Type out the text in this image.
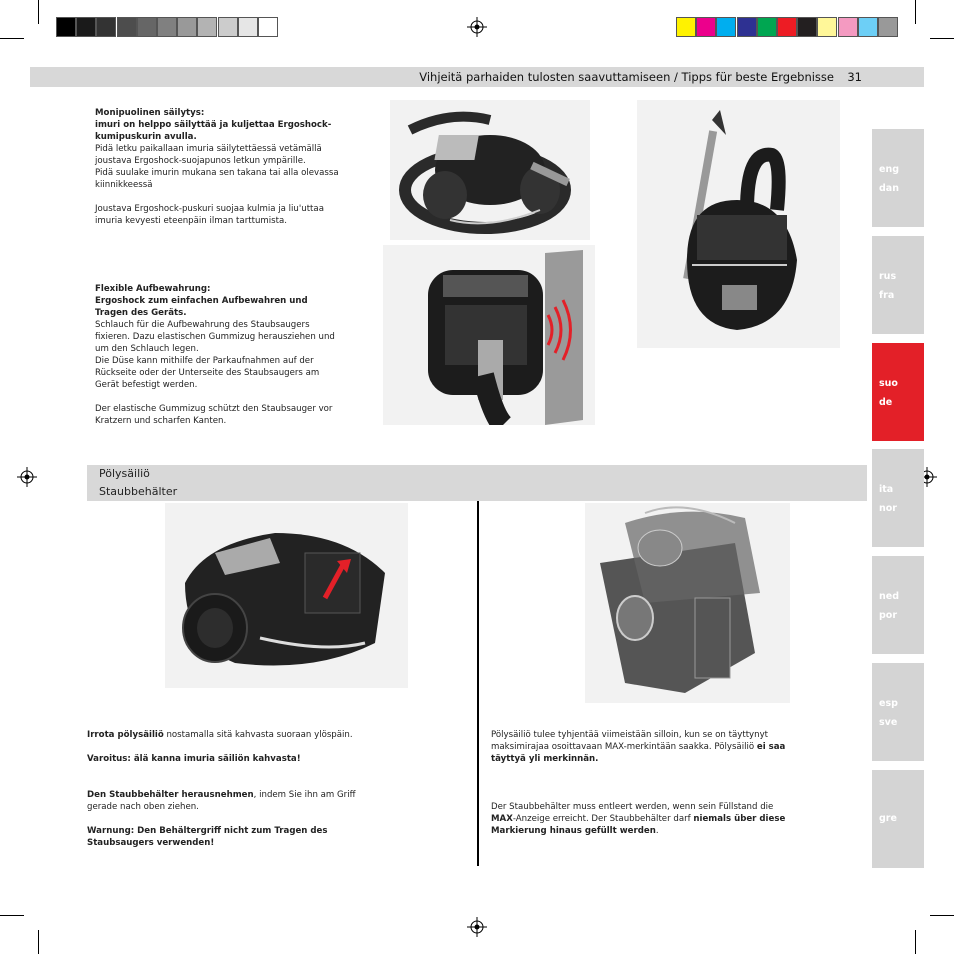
Vihjeitä parhaiden tulosten saavuttamiseen / Tipps für beste Ergebnisse 31

Monipuolinen säilytys:

imuri on helppo säilyttää ja kuljettaa Ergoshock-kumipuskurin avulla.

Pidä letku paikallaan imuria säilytettäessä vetämällä joustava Ergoshock-suojapunos letkun ympärille.

Pidä suulake imurin mukana sen takana tai alla olevassa kiinnikkeessä

Joustava Ergoshock-puskuri suojaa kulmia ja liu'uttaa imuria kevyesti eteenpäin ilman tarttumista.

Flexible Aufbewahrung:

Ergoshock zum einfachen Aufbewahren und Tragen des Geräts.

Schlauch für die Aufbewahrung des Staubsaugers fixieren. Dazu elastischen Gummizug herausziehen und um den Schlauch legen.

Die Düse kann mithilfe der Parkaufnahmen auf der Rückseite oder der Unterseite des Staubsaugers am Gerät befestigt werden.

Der elastische Gummizug schützt den Staubsauger vor Kratzern und scharfen Kanten.

Pölysäiliö
Staubbehälter

Irrota pölysäiliö nostamalla sitä kahvasta suoraan ylöspäin.

Varoitus: älä kanna imuria säiliön kahvasta!

Den Staubbehälter herausnehmen, indem Sie ihn am Griff gerade nach oben ziehen.

Warnung: Den Behältergriff nicht zum Tragen des Staubsaugers verwenden!

Pölysäiliö tulee tyhjentää viimeistään silloin, kun se on täyttynyt maksimirajaa osoittavaan MAX-merkintään saakka. Pölysäiliö ei saa täyttyä yli merkinnän.

Der Staubbehälter muss entleert werden, wenn sein Füllstand die MAX-Anzeige erreicht. Der Staubbehälter darf niemals über diese Markierung hinaus gefüllt werden.

eng
dan
rus
fra
suo
de
ita
nor
ned
por
esp
sve
gre
